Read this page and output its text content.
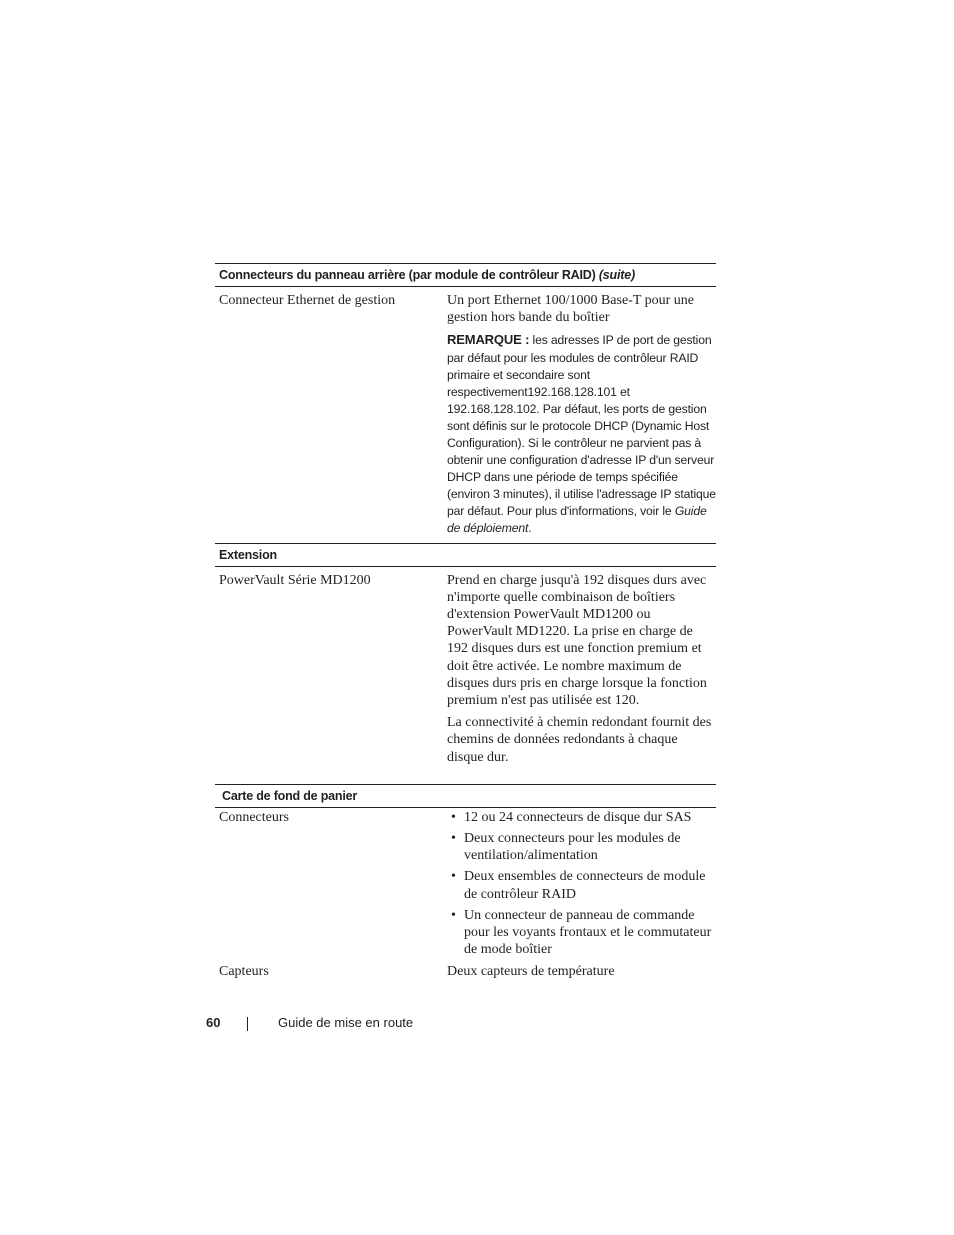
Connecteurs du panneau arrière (par module de contrôleur RAID) (suite)
Connecteur Ethernet de gestion	Un port Ethernet 100/1000 Base-T pour une gestion hors bande du boîtier

REMARQUE : les adresses IP de port de gestion par défaut pour les modules de contrôleur RAID primaire et secondaire sont respectivement192.168.128.101 et 192.168.128.102. Par défaut, les ports de gestion sont définis sur le protocole DHCP (Dynamic Host Configuration). Si le contrôleur ne parvient pas à obtenir une configuration d'adresse IP d'un serveur DHCP dans une période de temps spécifiée (environ 3 minutes), il utilise l'adressage IP statique par défaut. Pour plus d'informations, voir le Guide de déploiement.

Extension
PowerVault Série MD1200	Prend en charge jusqu'à 192 disques durs avec n'importe quelle combinaison de boîtiers d'extension PowerVault MD1200 ou PowerVault MD1220. La prise en charge de 192 disques durs est une fonction premium et doit être activée. Le nombre maximum de disques durs pris en charge lorsque la fonction premium n'est pas utilisée est 120.

La connectivité à chemin redondant fournit des chemins de données redondants à chaque disque dur.

Carte de fond de panier
Connecteurs	• 12 ou 24 connecteurs de disque dur SAS
• Deux connecteurs pour les modules de ventilation/alimentation
• Deux ensembles de connecteurs de module de contrôleur RAID
• Un connecteur de panneau de commande pour les voyants frontaux et le commutateur de mode boîtier
Capteurs	Deux capteurs de température
60	Guide de mise en route
